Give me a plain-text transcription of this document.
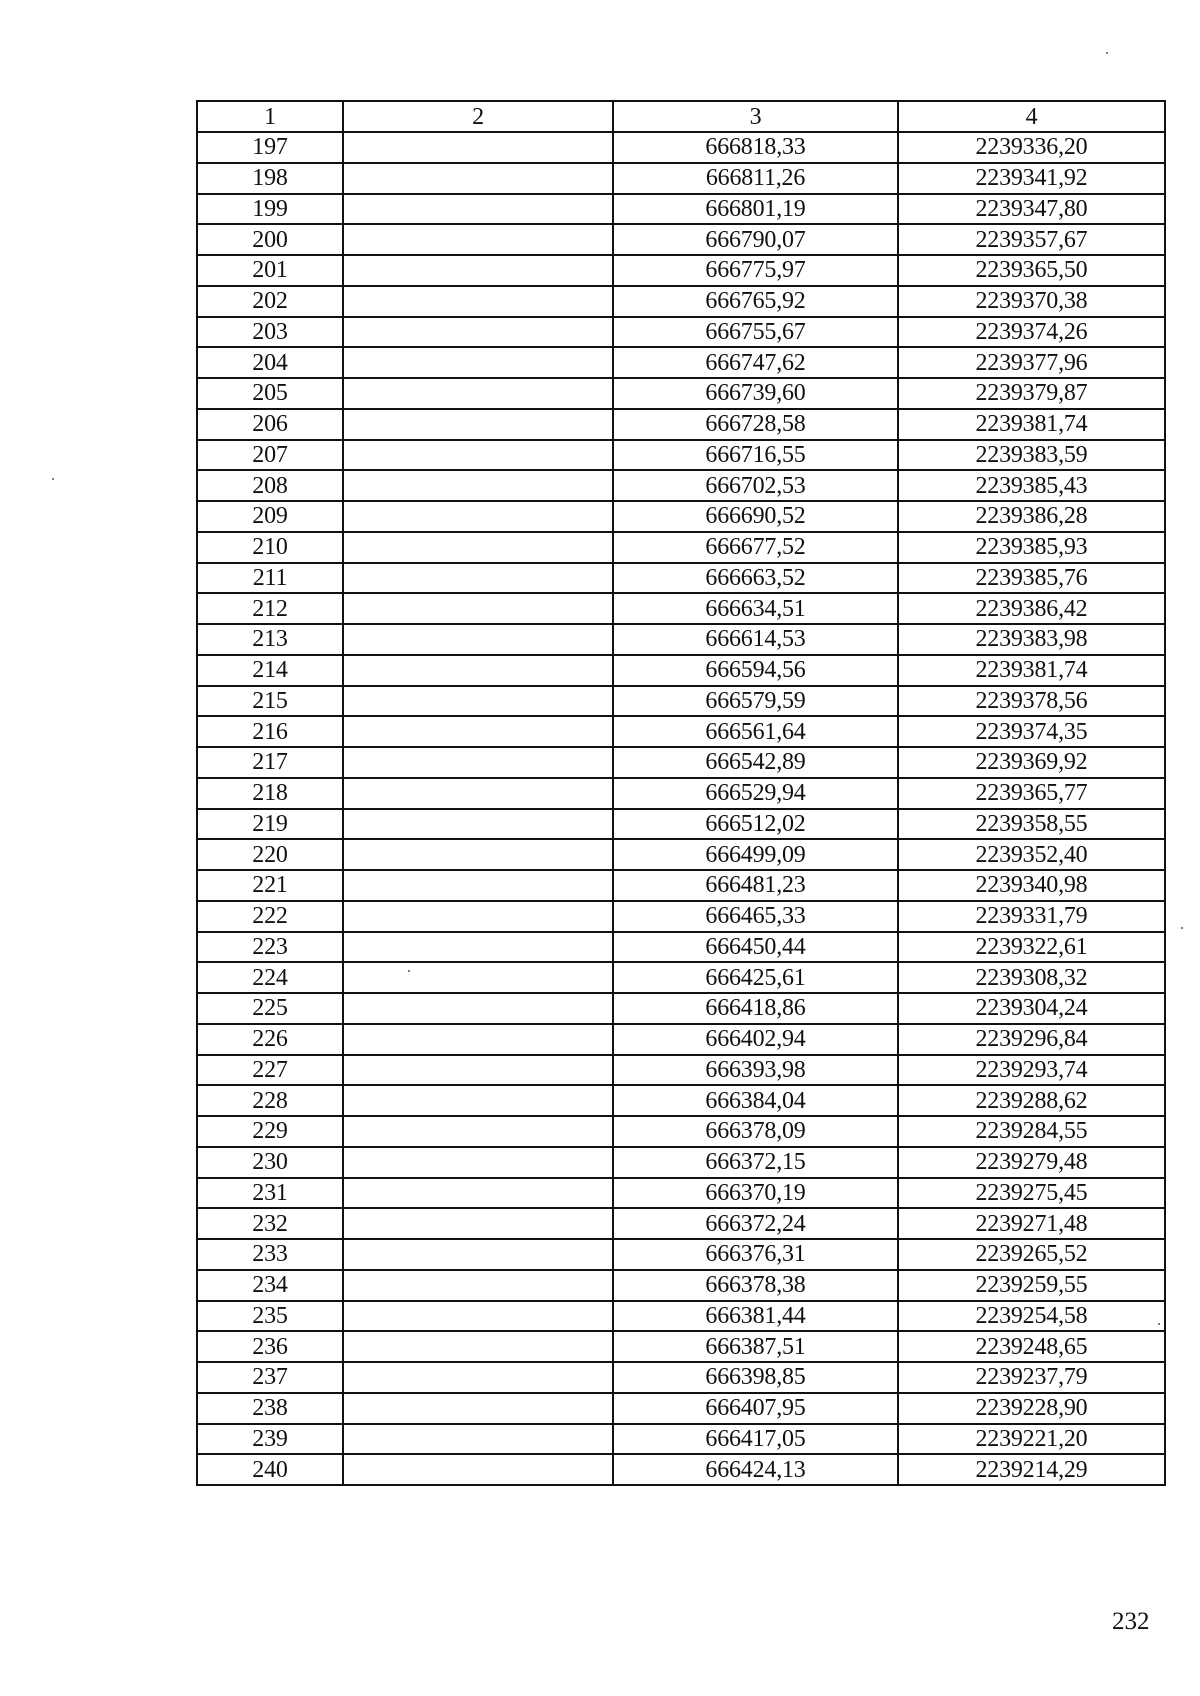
1	2	3	4
197		666818,33	2239336,20
198		666811,26	2239341,92
199		666801,19	2239347,80
200		666790,07	2239357,67
201		666775,97	2239365,50
202		666765,92	2239370,38
203		666755,67	2239374,26
204		666747,62	2239377,96
205		666739,60	2239379,87
206		666728,58	2239381,74
207		666716,55	2239383,59
208		666702,53	2239385,43
209		666690,52	2239386,28
210		666677,52	2239385,93
211		666663,52	2239385,76
212		666634,51	2239386,42
213		666614,53	2239383,98
214		666594,56	2239381,74
215		666579,59	2239378,56
216		666561,64	2239374,35
217		666542,89	2239369,92
218		666529,94	2239365,77
219		666512,02	2239358,55
220		666499,09	2239352,40
221		666481,23	2239340,98
222		666465,33	2239331,79
223		666450,44	2239322,61
224		666425,61	2239308,32
225		666418,86	2239304,24
226		666402,94	2239296,84
227		666393,98	2239293,74
228		666384,04	2239288,62
229		666378,09	2239284,55
230		666372,15	2239279,48
231		666370,19	2239275,45
232		666372,24	2239271,48
233		666376,31	2239265,52
234		666378,38	2239259,55
235		666381,44	2239254,58
236		666387,51	2239248,65
237		666398,85	2239237,79
238		666407,95	2239228,90
239		666417,05	2239221,20
240		666424,13	2239214,29
232
